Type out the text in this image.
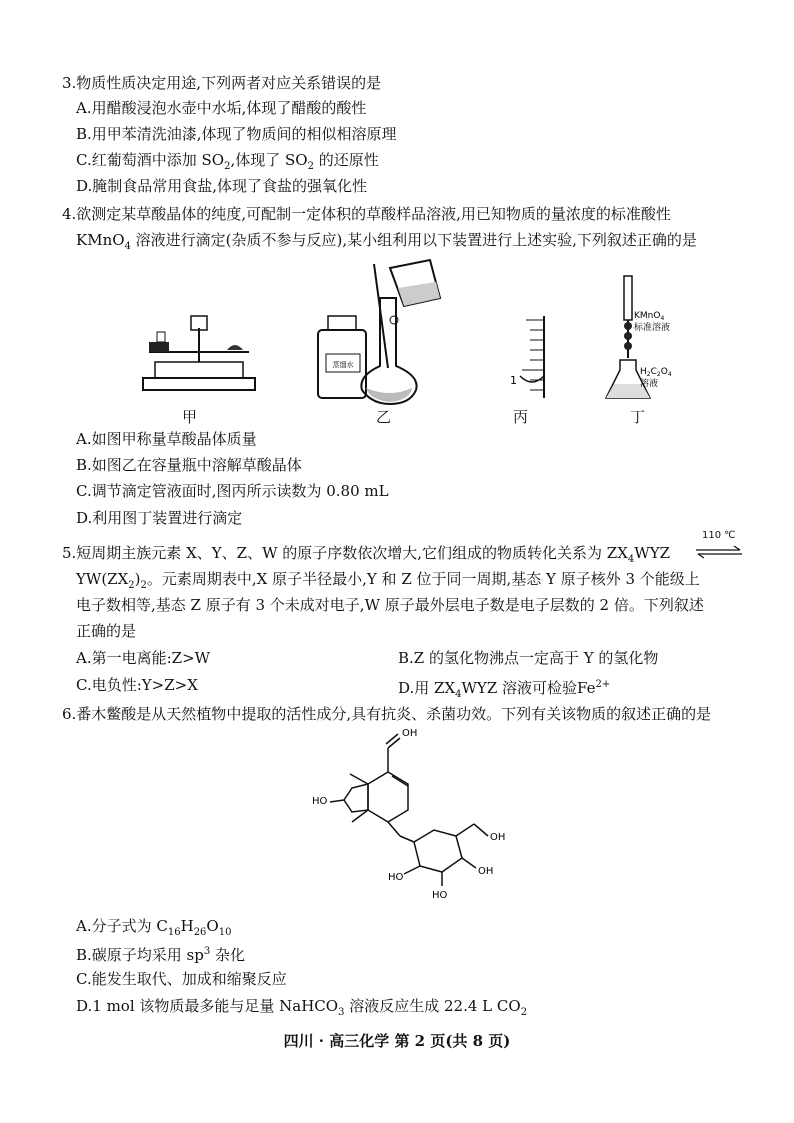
3.物质性质决定用途,下列两者对应关系错误的是
A.用醋酸浸泡水壶中水垢,体现了醋酸的酸性
B.用甲苯清洗油漆,体现了物质间的相似相溶原理
C.红葡萄酒中添加 $SO_2$,体现了 $SO_2$ 的还原性
D.腌制食品常用食盐,体现了食盐的强氧化性
4.欲测定某草酸晶体的纯度,可配制一定体积的草酸样品溶液,用已知物质的量浓度的标准酸性
KMnO$_4$ 溶液进行滴定(杂质不参与反应),某小组利用以下装置进行上述实验,下列叙述正确的是
甲
蒸馏水
乙
1
丙
KMnO$_4$
标准溶液
$H_2C_2O_4$
溶液
丁
A.如图甲称量草酸晶体质量
B.如图乙在容量瓶中溶解草酸晶体
C.调节滴定管液面时,图丙所示读数为 0.80 mL
D.利用图丁装置进行滴定
5.短周期主族元素 X、Y、Z、W 的原子序数依次增大,它们组成的物质转化关系为 $ZX_4WYZ$
110 ℃
$YW(ZX_2)_2$。元素周期表中,X 原子半径最小,Y 和 Z 位于同一周期,基态 Y 原子核外 3 个能级上
电子数相等,基态 Z 原子有 3 个未成对电子,W 原子最外层电子数是电子层数的 2 倍。下列叙述
正确的是
A.第一电离能:Z>W	B.Z 的氢化物沸点一定高于 Y 的氢化物
C.电负性:Y>Z>X	D.用 $ZX_4WYZ$ 溶液可检验$Fe^{2+}$
6.番木鳖酸是从天然植物中提取的活性成分,具有抗炎、杀菌功效。下列有关该物质的叙述正确的是
OH
HO
OH
HO
OH
HO
A.分子式为 $C_{16}H_{26}O_{10}$
B.碳原子均采用 $sp^3$ 杂化
C.能发生取代、加成和缩聚反应
D.1 mol 该物质最多能与足量 NaHCO$_3$ 溶液反应生成 22.4 L $CO_2$
四川 · 高三化学 第 2 页(共 8 页)
